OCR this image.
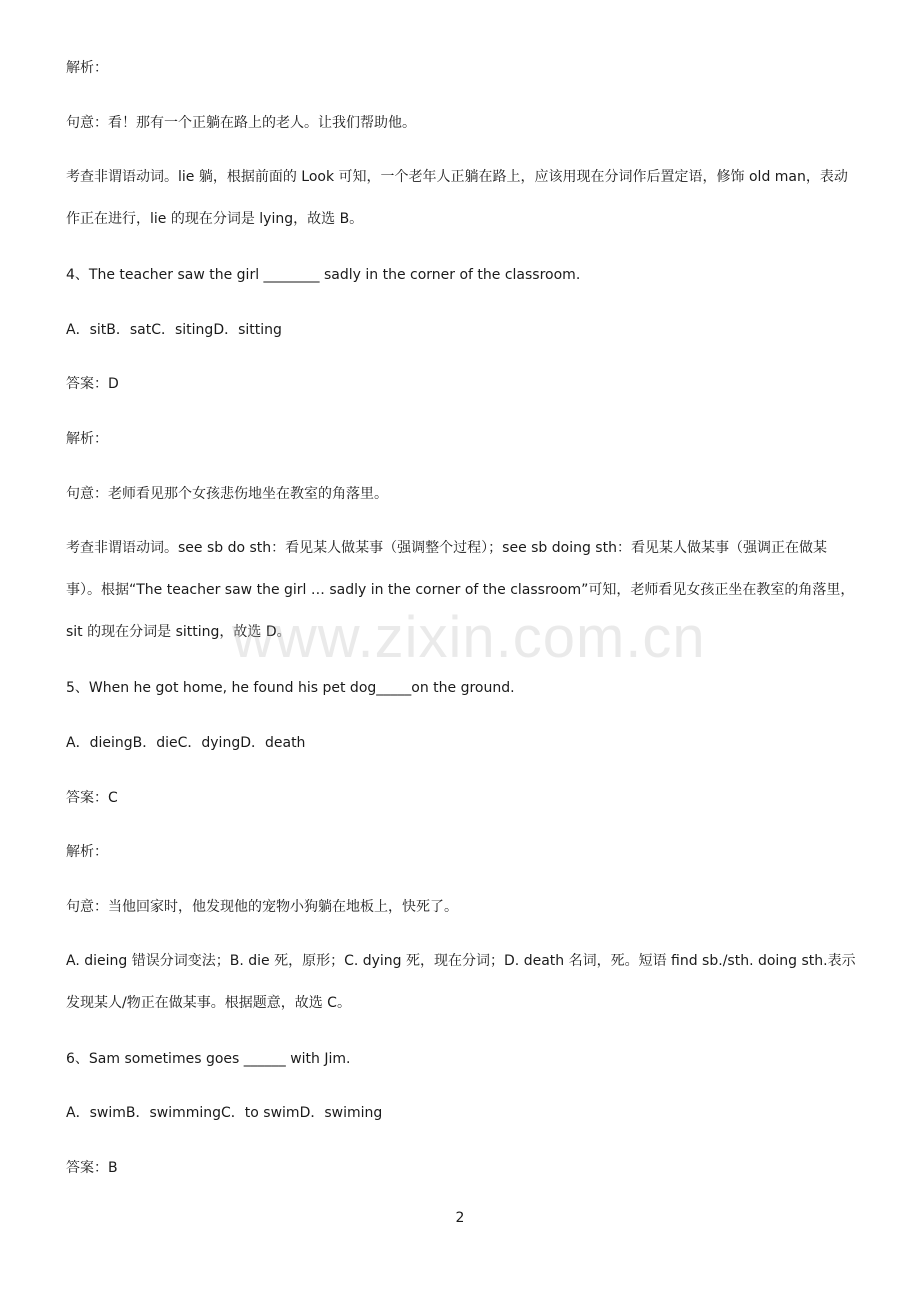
解析：
句意：看！那有一个正躺在路上的老人。让我们帮助他。
考查非谓语动词。lie 躺，根据前面的 Look 可知，一个老年人正躺在路上，应该用现在分词作后置定语，修饰 old man，表动作正在进行，lie 的现在分词是 lying，故选 B。
4、The teacher saw the girl ________ sadly in the corner of the classroom.
A．sitB．satC．sitingD．sitting
答案：D
解析：
句意：老师看见那个女孩悲伤地坐在教室的角落里。
考查非谓语动词。see sb do sth：看见某人做某事（强调整个过程）；see sb doing sth：看见某人做某事（强调正在做某事）。根据“The teacher saw the girl … sadly in the corner of the classroom”可知，老师看见女孩正坐在教室的角落里，sit 的现在分词是 sitting，故选 D。
5、When he got home, he found his pet dog_____on the ground.
A．dieingB．dieC．dyingD．death
答案：C
解析：
句意：当他回家时，他发现他的宠物小狗躺在地板上，快死了。
A. dieing 错误分词变法；B. die 死，原形；C. dying 死，现在分词；D. death 名词，死。短语 find sb./sth. doing sth.表示发现某人/物正在做某事。根据题意，故选 C。
6、Sam sometimes goes ______ with Jim.
A．swimB．swimmingC．to swimD．swiming
答案：B
www.zixin.com.cn
2
